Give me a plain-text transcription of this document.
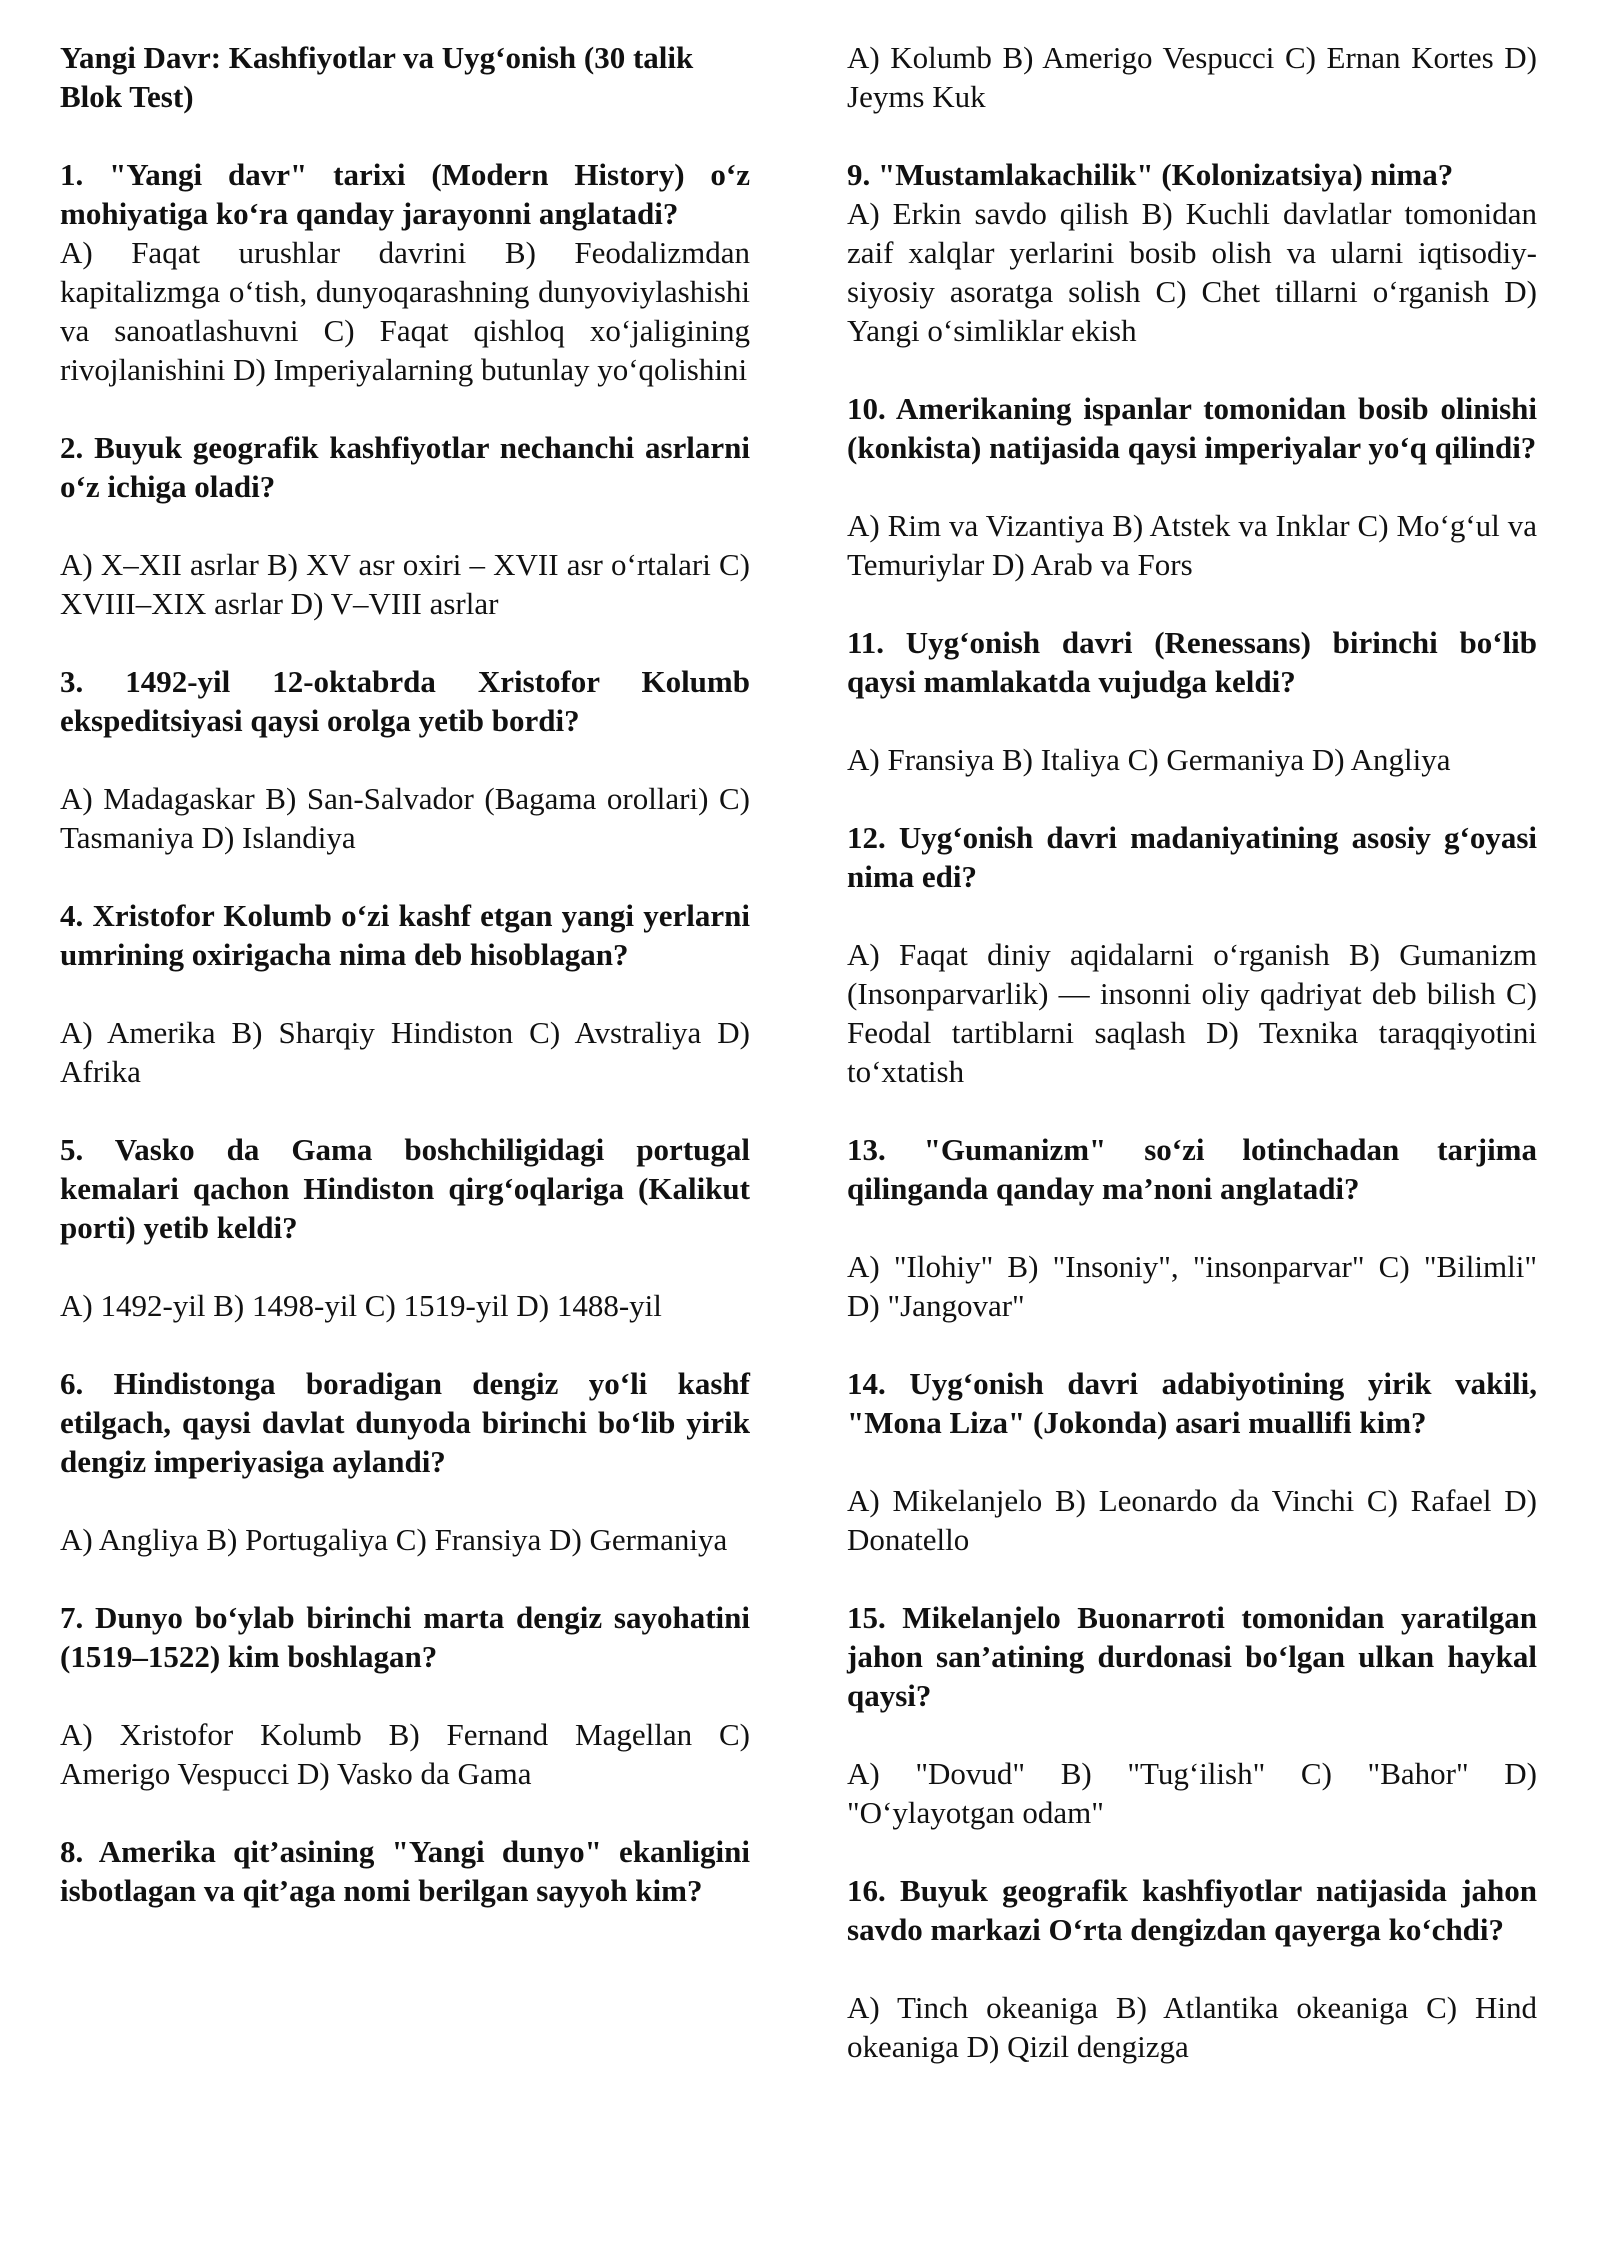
Yangi Davr: Kashfiyotlar va Uyg‘onish (30 talik Blok Test)

1. "Yangi davr" tarixi (Modern History) o‘z mohiyatiga ko‘ra qanday jarayonni anglatadi?

A) Faqat urushlar davrini B) Feodalizmdan kapitalizmga o‘tish, dunyoqarashning dunyoviylashishi va sanoatlashuvni C) Faqat qishloq xo‘jaligining rivojlanishini D) Imperiyalarning butunlay yo‘qolishini

2. Buyuk geografik kashfiyotlar nechanchi asrlarni o‘z ichiga oladi?

A) X–XII asrlar B) XV asr oxiri – XVII asr o‘rtalari C) XVIII–XIX asrlar D) V–VIII asrlar

3. 1492-yil 12-oktabrda Xristofor Kolumb ekspeditsiyasi qaysi orolga yetib bordi?

A) Madagaskar B) San-Salvador (Bagama orollari) C) Tasmaniya D) Islandiya

4. Xristofor Kolumb o‘zi kashf etgan yangi yerlarni umrining oxirigacha nima deb hisoblagan?

A) Amerika B) Sharqiy Hindiston C) Avstraliya D) Afrika

5. Vasko da Gama boshchiligidagi portugal kemalari qachon Hindiston qirg‘oqlariga (Kalikut porti) yetib keldi?

A) 1492-yil B) 1498-yil C) 1519-yil D) 1488-yil

6. Hindistonga boradigan dengiz yo‘li kashf etilgach, qaysi davlat dunyoda birinchi bo‘lib yirik dengiz imperiyasiga aylandi?

A) Angliya B) Portugaliya C) Fransiya D) Germaniya

7. Dunyo bo‘ylab birinchi marta dengiz sayohatini (1519–1522) kim boshlagan?

A) Xristofor Kolumb B) Fernand Magellan C) Amerigo Vespucci D) Vasko da Gama

8. Amerika qit’asining "Yangi dunyo" ekanligini isbotlagan va qit’aga nomi berilgan sayyoh kim?

A) Kolumb B) Amerigo Vespucci C) Ernan Kortes D) Jeyms Kuk

9. "Mustamlakachilik" (Kolonizatsiya) nima?

A) Erkin savdo qilish B) Kuchli davlatlar tomonidan zaif xalqlar yerlarini bosib olish va ularni iqtisodiy-siyosiy asoratga solish C) Chet tillarni o‘rganish D) Yangi o‘simliklar ekish

10. Amerikaning ispanlar tomonidan bosib olinishi (konkista) natijasida qaysi imperiyalar yo‘q qilindi?

A) Rim va Vizantiya B) Atstek va Inklar C) Mo‘g‘ul va Temuriylar D) Arab va Fors

11. Uyg‘onish davri (Renessans) birinchi bo‘lib qaysi mamlakatda vujudga keldi?

A) Fransiya B) Italiya C) Germaniya D) Angliya

12. Uyg‘onish davri madaniyatining asosiy g‘oyasi nima edi?

A) Faqat diniy aqidalarni o‘rganish B) Gumanizm (Insonparvarlik) — insonni oliy qadriyat deb bilish C) Feodal tartiblarni saqlash D) Texnika taraqqiyotini to‘xtatish

13. "Gumanizm" so‘zi lotinchadan tarjima qilinganda qanday ma’noni anglatadi?

A) "Ilohiy" B) "Insoniy", "insonparvar" C) "Bilimli" D) "Jangovar"

14. Uyg‘onish davri adabiyotining yirik vakili, "Mona Liza" (Jokonda) asari muallifi kim?

A) Mikelanjelo B) Leonardo da Vinchi C) Rafael D) Donatello

15. Mikelanjelo Buonarroti tomonidan yaratilgan jahon san’atining durdonasi bo‘lgan ulkan haykal qaysi?

A) "Dovud" B) "Tug‘ilish" C) "Bahor" D) "O‘ylayotgan odam"

16. Buyuk geografik kashfiyotlar natijasida jahon savdo markazi O‘rta dengizdan qayerga ko‘chdi?

A) Tinch okeaniga B) Atlantika okeaniga C) Hind okeaniga D) Qizil dengizga
